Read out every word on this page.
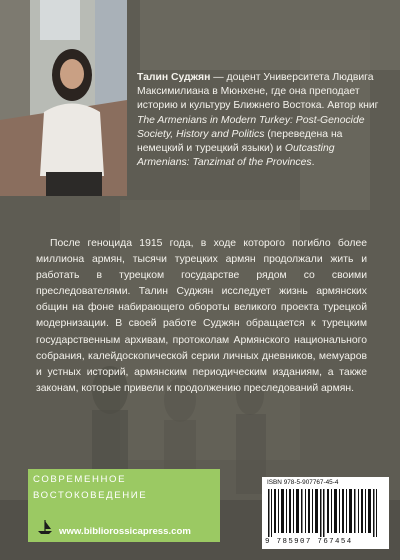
Талин Суджян — доцент Университета Людвига Максимилиана в Мюнхене, где она преподает историю и культуру Ближнего Востока. Автор книг The Armenians in Modern Turkey: Post-Genocide Society, History and Politics (переведена на немецкий и турецкий языки) и Outcasting Armenians: Tanzimat of the Provinces.
После геноцида 1915 года, в ходе которого погибло более миллиона армян, тысячи турецких армян продолжали жить и работать в турецком государстве рядом со своими преследователями. Талин Суджян исследует жизнь армянских общин на фоне набирающего обороты великого проекта турецкой модернизации. В своей работе Суджян обращается к турецким государственным архивам, протоколам Армянского национального собрания, калейдоскопической серии личных дневников, мемуаров и устных историй, армянским периодическим изданиям, а также законам, которые привели к продолжению преследований армян.
СОВРЕМЕННОЕ
ВОСТОКОВЕДЕНИЕ
www.bibliorossicapress.com
ISBN 978-5-907767-45-4
9 785907 767454
